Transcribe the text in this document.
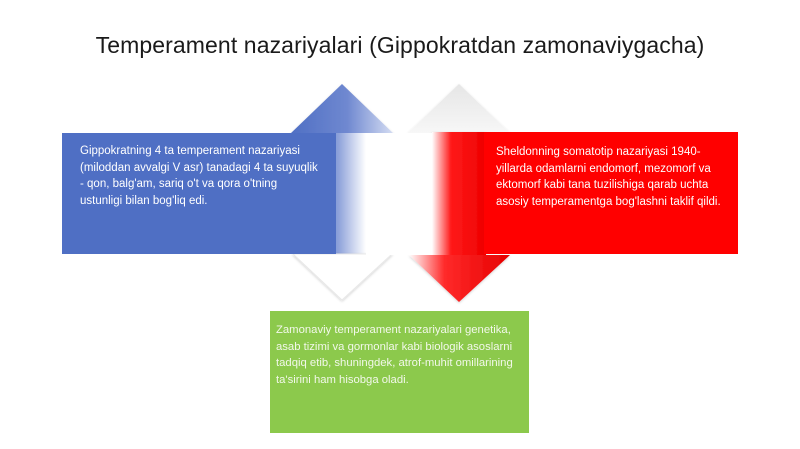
Temperament nazariyalari (Gippokratdan zamonaviygacha)
Gippokratning 4 ta temperament nazariyasi (miloddan avvalgi V asr) tanadagi 4 ta suyuqlik - qon, balg'am, sariq o't va qora o'tning ustunligi bilan bog'liq edi.
Sheldonning somatotip nazariyasi 1940-yillarda odamlarni endomorf, mezomorf va ektomorf kabi tana tuzilishiga qarab uchta asosiy temperamentga bog'lashni taklif qildi.
Zamonaviy temperament nazariyalari genetika, asab tizimi va gormonlar kabi biologik asoslarni tadqiq etib, shuningdek, atrof-muhit omillarining ta'sirini ham hisobga oladi.
